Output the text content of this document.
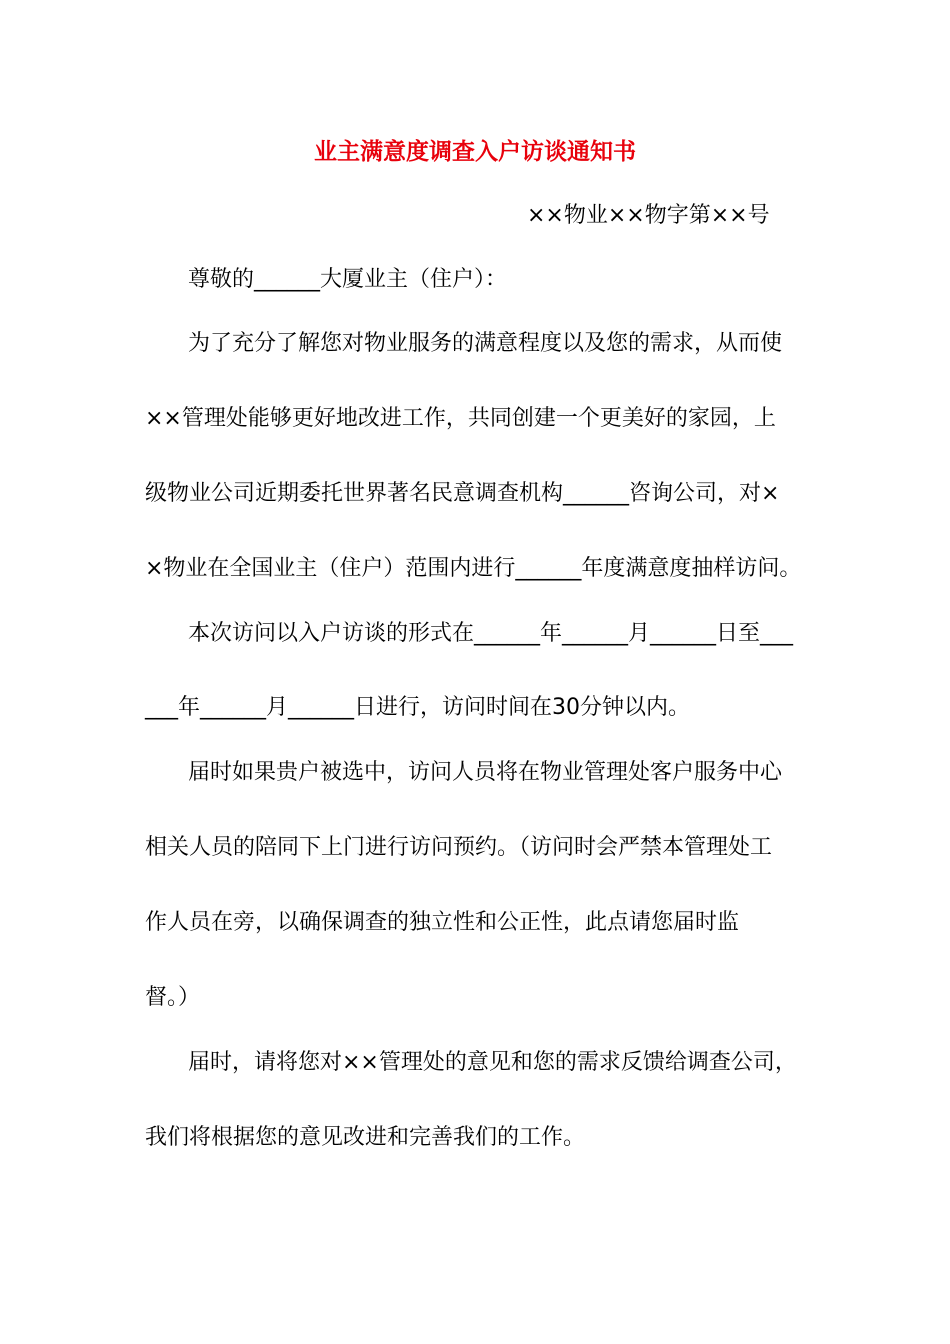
业主满意度调查入户访谈通知书
××物业××物字第××号
尊敬的______大厦业主（住户）：
为了充分了解您对物业服务的满意程度以及您的需求，从而使
××管理处能够更好地改进工作，共同创建一个更美好的家园，上
级物业公司近期委托世界著名民意调查机构______咨询公司，对×
×物业在全国业主（住户）范围内进行______年度满意度抽样访问。
本次访问以入户访谈的形式在______年______月______日至___
___年______月______日进行，访问时间在30分钟以内。
届时如果贵户被选中，访问人员将在物业管理处客户服务中心
相关人员的陪同下上门进行访问预约。（访问时会严禁本管理处工
作人员在旁，以确保调查的独立性和公正性，此点请您届时监
督。）
届时，请将您对××管理处的意见和您的需求反馈给调查公司，
我们将根据您的意见改进和完善我们的工作。
